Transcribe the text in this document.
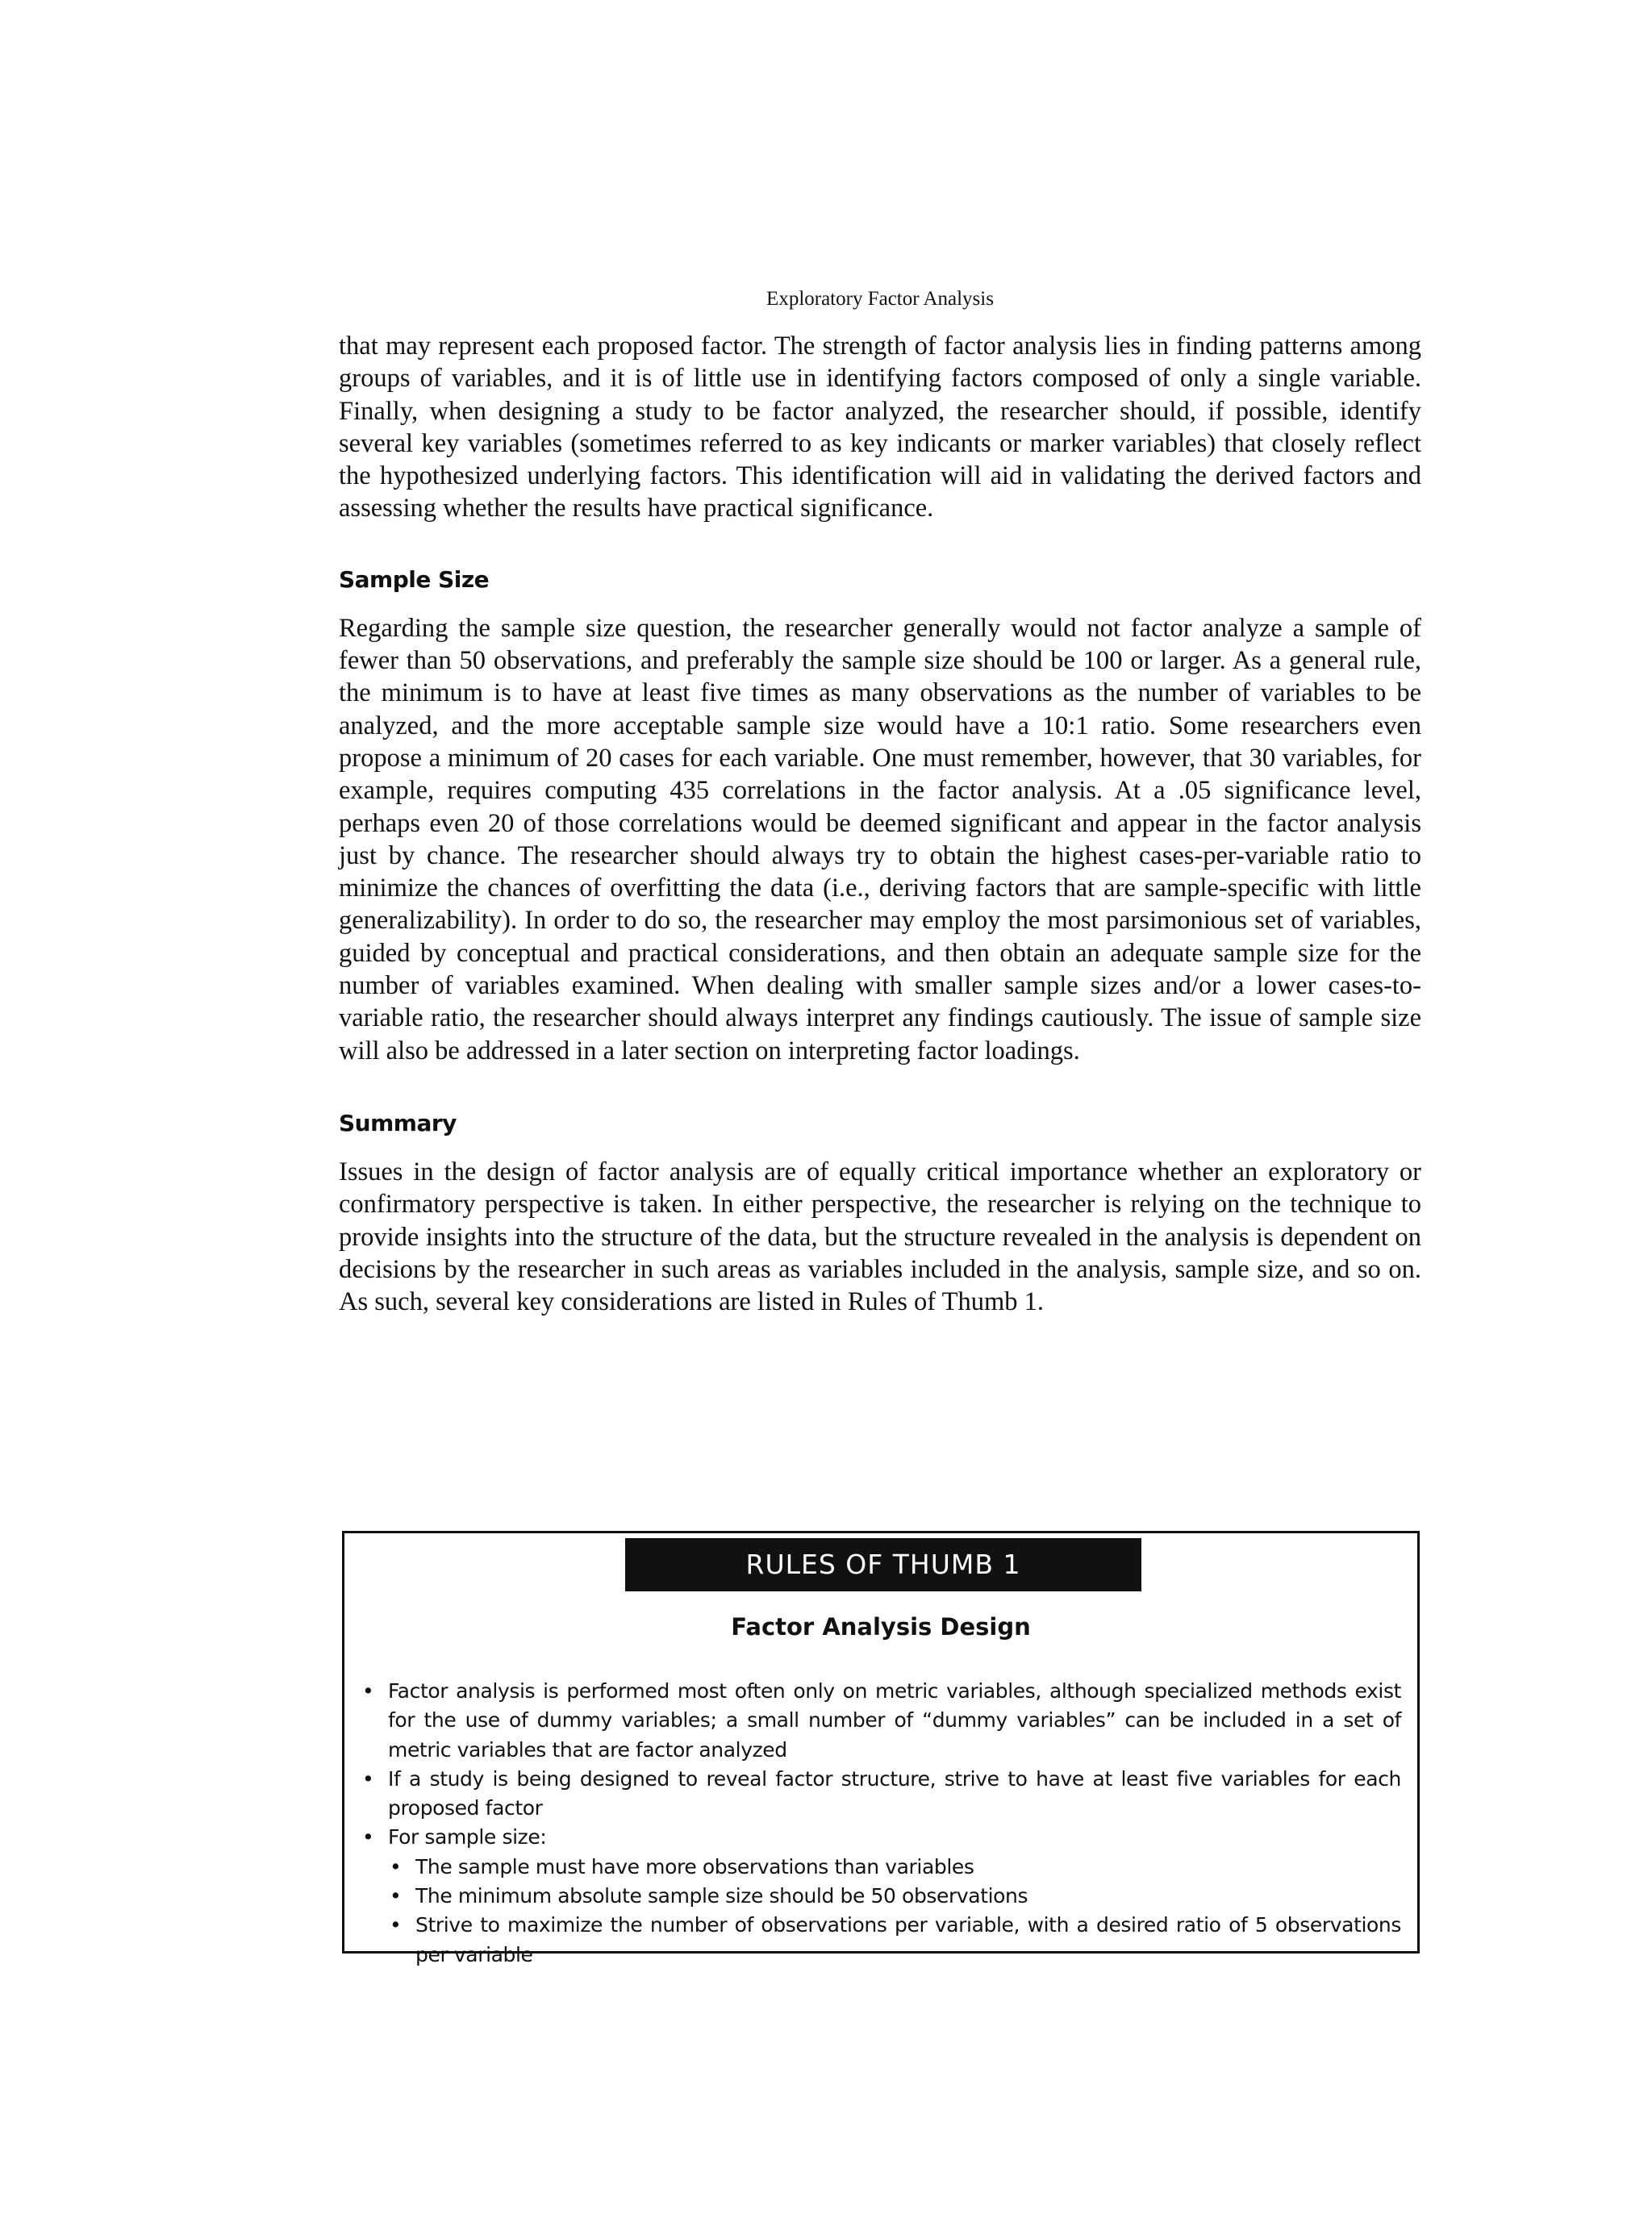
Exploratory Factor Analysis

that may represent each proposed factor. The strength of factor analysis lies in finding patterns among groups of variables, and it is of little use in identifying factors composed of only a single variable. Finally, when designing a study to be factor analyzed, the researcher should, if possible, identify several key variables (sometimes referred to as key indicants or marker variables) that closely reflect the hypothesized underlying factors. This identification will aid in validating the derived factors and assessing whether the results have practical significance.

Sample Size

Regarding the sample size question, the researcher generally would not factor analyze a sample of fewer than 50 observations, and preferably the sample size should be 100 or larger. As a general rule, the minimum is to have at least five times as many observations as the number of variables to be analyzed, and the more acceptable sample size would have a 10:1 ratio. Some researchers even propose a minimum of 20 cases for each variable. One must remember, however, that 30 variables, for example, requires computing 435 correlations in the factor analysis. At a .05 significance level, perhaps even 20 of those correlations would be deemed significant and appear in the factor analysis just by chance. The researcher should always try to obtain the highest cases-per-variable ratio to minimize the chances of overfitting the data (i.e., deriving factors that are sample-specific with little generalizability). In order to do so, the researcher may employ the most parsimonious set of variables, guided by conceptual and practical considerations, and then obtain an adequate sample size for the number of variables examined. When dealing with smaller sample sizes and/or a lower cases-to-variable ratio, the researcher should always interpret any findings cautiously. The issue of sample size will also be addressed in a later section on interpreting factor loadings.

Summary

Issues in the design of factor analysis are of equally critical importance whether an exploratory or confirmatory perspective is taken. In either perspective, the researcher is relying on the technique to provide insights into the structure of the data, but the structure revealed in the analysis is dependent on decisions by the researcher in such areas as variables included in the analysis, sample size, and so on. As such, several key considerations are listed in Rules of Thumb 1.

RULES OF THUMB 1
Factor Analysis Design
• Factor analysis is performed most often only on metric variables, although specialized methods exist for the use of dummy variables; a small number of “dummy variables” can be included in a set of metric variables that are factor analyzed
• If a study is being designed to reveal factor structure, strive to have at least five variables for each proposed factor
• For sample size:
• The sample must have more observations than variables
• The minimum absolute sample size should be 50 observations
• Strive to maximize the number of observations per variable, with a desired ratio of 5 observations per variable
